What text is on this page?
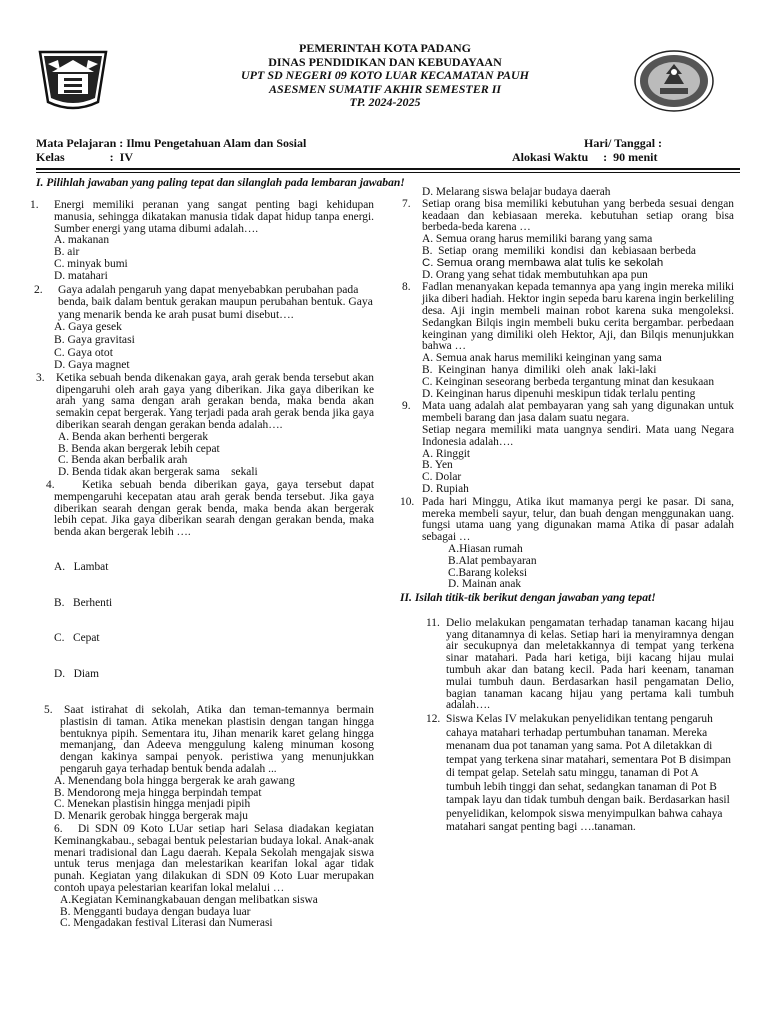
PEMERINTAH KOTA PADANG
DINAS PENDIDIKAN DAN KEBUDAYAAN
UPT SD NEGERI 09 KOTO LUAR KECAMATAN PAUH
ASESMEN SUMATIF AKHIR SEMESTER II
TP. 2024-2025
Mata Pelajaran : Ilmu Pengetahuan Alam dan Sosial	Hari/ Tanggal :
Kelas               :  IV	Alokasi Waktu     :  90 menit
I. Pilihlah jawaban yang paling tepat dan silanglah pada lembaran jawaban!
1. Energi memiliki peranan yang sangat penting bagi kehidupan manusia, sehingga dikatakan manusia tidak dapat hidup tanpa energi. Sumber energi yang utama dibumi adalah….
A. makanan
B. air
C. minyak bumi
D. matahari
2. Gaya adalah pengaruh yang dapat menyebabkan perubahan pada benda, baik dalam bentuk gerakan maupun perubahan bentuk. Gaya yang menarik benda ke arah pusat bumi disebut….
A. Gaya gesek
B. Gaya gravitasi
C. Gaya otot
D. Gaya magnet
3. Ketika sebuah benda dikenakan gaya, arah gerak benda tersebut akan dipengaruhi oleh arah gaya yang diberikan. Jika gaya diberikan ke arah yang sama dengan arah gerakan benda, maka benda akan semakin cepat bergerak. Yang terjadi pada arah gerak benda jika gaya diberikan searah dengan gerakan benda adalah….
A. Benda akan berhenti bergerak
B. Benda akan bergerak lebih cepat
C. Benda akan berbalik arah
D. Benda tidak akan bergerak sama    sekali
4.	Ketika sebuah benda diberikan gaya, gaya tersebut dapat mempengaruhi kecepatan atau arah gerak benda tersebut. Jika gaya diberikan searah dengan gerak benda, maka benda akan bergerak lebih cepat. Jika gaya diberikan searah dengan gerakan benda, maka benda akan bergerak lebih ….

A.   Lambat

B.   Berhenti

C.   Cepat

D.   Diam

5.	Saat istirahat di sekolah, Atika dan teman-temannya bermain plastisin di taman. Atika menekan plastisin dengan tangan hingga bentuknya pipih. Sementara itu, Jihan menarik karet gelang hingga memanjang, dan Adeeva menggulung kaleng minuman kosong dengan kakinya sampai penyok. peristiwa yang menunjukkan pengaruh gaya terhadap bentuk benda adalah ...
A. Menendang bola hingga bergerak ke arah gawang
B. Mendorong meja hingga berpindah tempat
C. Menekan plastisin hingga menjadi pipih
D. Menarik gerobak hingga bergerak maju
6.	Di SDN 09 Koto LUar setiap hari Selasa diadakan kegiatan Keminangkabau., sebagai bentuk pelestarian budaya lokal. Anak-anak menari tradisional dan Lagu daerah. Kepala Sekolah mengajak siswa untuk terus menjaga dan melestarikan kearifan lokal agar tidak punah. Kegiatan yang dilakukan di SDN 09 Koto Luar merupakan contoh upaya pelestarian kearifan lokal melalui …
A.Kegiatan Keminangkabauan dengan melibatkan siswa
B. Mengganti budaya dengan budaya luar
C. Mengadakan festival Literasi dan Numerasi
D. Melarang siswa belajar budaya daerah
7. Setiap orang bisa memiliki kebutuhan yang berbeda sesuai dengan keadaan dan kebiasaan mereka. kebutuhan setiap orang bisa berbeda-beda karena …
A. Semua orang harus memiliki barang yang sama
B.  Setiap  orang  memiliki  kondisi  dan  kebiasaan berbeda
C. Semua orang membawa alat tulis ke sekolah
D. Orang yang sehat tidak membutuhkan apa pun
8. Fadlan menanyakan kepada temannya apa yang ingin mereka miliki jika diberi hadiah. Hektor ingin sepeda baru karena ingin berkeliling desa. Aji ingin membeli mainan robot karena suka mengoleksi. Sedangkan Bilqis ingin membeli buku cerita bergambar. perbedaan keinginan yang dimiliki oleh Hektor, Aji, dan Bilqis menunjukkan bahwa …
A. Semua anak harus memiliki keinginan yang sama
B.  Keinginan  hanya  dimiliki  oleh  anak  laki-laki
C. Keinginan seseorang berbeda tergantung minat dan kesukaan
D. Keinginan harus dipenuhi meskipun tidak terlalu penting
9. Mata uang adalah alat pembayaran yang sah yang digunakan untuk membeli barang dan jasa dalam suatu negara.
Setiap negara memiliki mata uangnya sendiri. Mata uang Negara Indonesia adalah….
A. Ringgit
B. Yen
C. Dolar
D. Rupiah
10. Pada hari Minggu, Atika ikut mamanya pergi ke pasar. Di sana, mereka membeli sayur, telur, dan buah dengan menggunakan uang. fungsi utama uang yang digunakan mama Atika di pasar adalah sebagai …
A.Hiasan rumah
B.Alat pembayaran
C.Barang koleksi
D. Mainan anak
II. Isilah titik-tik berikut dengan jawaban yang tepat!
11. Delio melakukan pengamatan terhadap tanaman kacang hijau yang ditanamnya di kelas. Setiap hari ia menyiramnya dengan air secukupnya dan meletakkannya di tempat yang terkena sinar matahari. Pada hari ketiga, biji kacang hijau mulai tumbuh akar dan batang kecil. Pada hari keenam, tanaman mulai tumbuh daun. Berdasarkan hasil pengamatan Delio, bagian tanaman kacang hijau yang pertama kali tumbuh adalah….
12. Siswa Kelas IV melakukan penyelidikan tentang pengaruh cahaya matahari terhadap pertumbuhan tanaman. Mereka menanam dua pot tanaman yang sama. Pot A diletakkan di tempat yang terkena sinar matahari, sementara Pot B disimpan di tempat gelap. Setelah satu minggu, tanaman di Pot A tumbuh lebih tinggi dan sehat, sedangkan tanaman di Pot B tampak layu dan tidak tumbuh dengan baik. Berdasarkan hasil penyelidikan, kelompok siswa menyimpulkan bahwa cahaya matahari sangat penting bagi ….tanaman.
